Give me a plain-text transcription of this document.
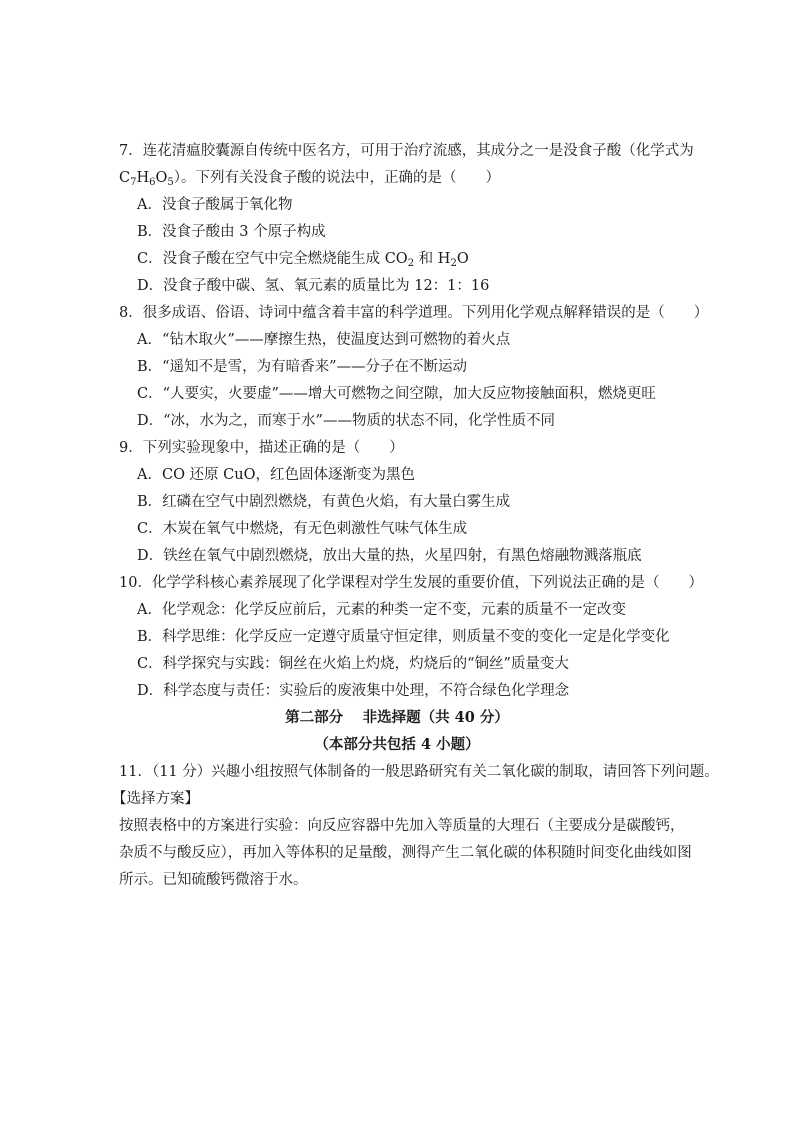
7．连花清瘟胶囊源自传统中医名方，可用于治疗流感，其成分之一是没食子酸（化学式为
$C_7H_6O_5$）。下列有关没食子酸的说法中，正确的是（　　）
A．没食子酸属于氧化物
B．没食子酸由 3 个原子构成
C．没食子酸在空气中完全燃烧能生成 $CO_2$ 和 $H_2O$
D．没食子酸中碳、氢、氧元素的质量比为 12：1：16
8．很多成语、俗语、诗词中蕴含着丰富的科学道理。下列用化学观点解释错误的是（　　）
A．“钻木取火”——摩擦生热，使温度达到可燃物的着火点
B．“遥知不是雪，为有暗香来”——分子在不断运动
C．“人要实，火要虚”——增大可燃物之间空隙，加大反应物接触面积，燃烧更旺
D．“冰，水为之，而寒于水”——物质的状态不同，化学性质不同
9．下列实验现象中，描述正确的是（　　）
A．CO 还原 CuO，红色固体逐渐变为黑色
B．红磷在空气中剧烈燃烧，有黄色火焰，有大量白雾生成
C．木炭在氧气中燃烧，有无色刺激性气味气体生成
D．铁丝在氧气中剧烈燃烧，放出大量的热，火星四射，有黑色熔融物溅落瓶底
10．化学学科核心素养展现了化学课程对学生发展的重要价值，下列说法正确的是（　　）
A．化学观念：化学反应前后，元素的种类一定不变，元素的质量不一定改变
B．科学思维：化学反应一定遵守质量守恒定律，则质量不变的变化一定是化学变化
C．科学探究与实践：铜丝在火焰上灼烧，灼烧后的“铜丝”质量变大
D．科学态度与责任：实验后的废液集中处理，不符合绿色化学理念
第二部分　 非选择题（共 40 分）
（本部分共包括 4 小题）
11．（11 分）兴趣小组按照气体制备的一般思路研究有关二氧化碳的制取，请回答下列问题。
【选择方案】
按照表格中的方案进行实验：向反应容器中先加入等质量的大理石（主要成分是碳酸钙，
杂质不与酸反应），再加入等体积的足量酸，测得产生二氧化碳的体积随时间变化曲线如图
所示。已知硫酸钙微溶于水。
